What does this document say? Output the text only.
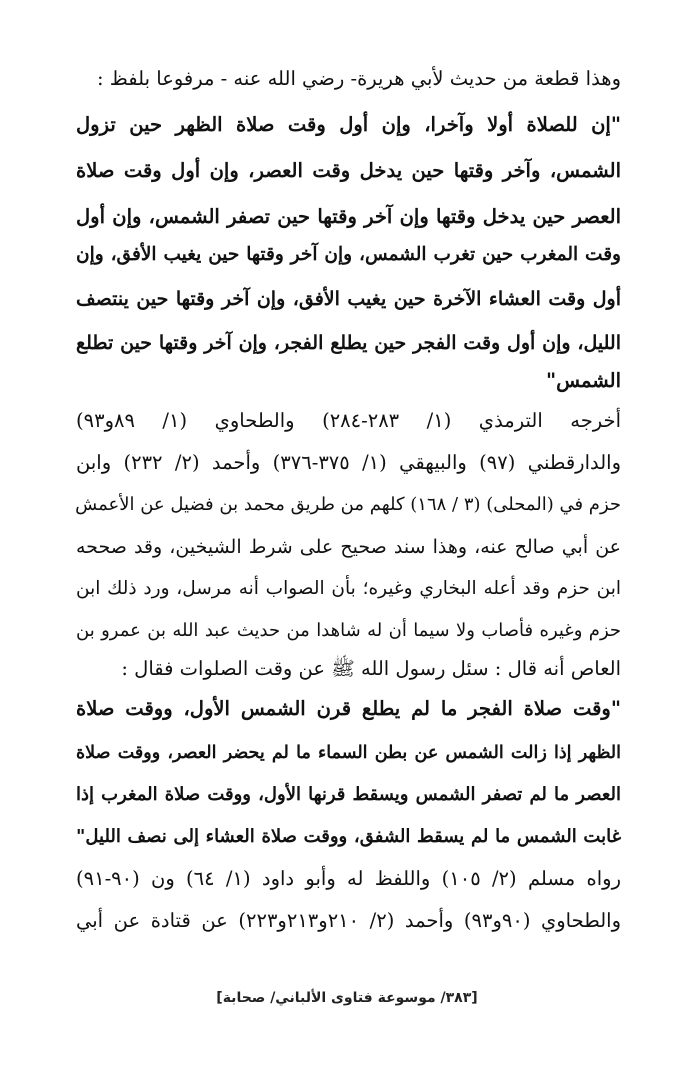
وهذا قطعة من حديث لأبي هريرة- رضي الله عنه - مرفوعا بلفظ :
"إن للصلاة أولا وآخرا، وإن أول وقت صلاة الظهر حين تزول
الشمس، وآخر وقتها حين يدخل وقت العصر، وإن أول وقت صلاة
العصر حين يدخل وقتها وإن آخر وقتها حين تصفر الشمس، وإن أول
وقت المغرب حين تغرب الشمس، وإن آخر وقتها حين يغيب الأفق، وإن
أول وقت العشاء الآخرة حين يغيب الأفق، وإن آخر وقتها حين ينتصف
الليل، وإن أول وقت الفجر حين يطلع الفجر، وإن آخر وقتها حين تطلع
الشمس"
أخرجه الترمذي (١/ ٢٨٣-٢٨٤) والطحاوي (١/ ٨٩و٩٣)
والدارقطني (٩٧) والبيهقي (١/ ٣٧٥-٣٧٦) وأحمد (٢/ ٢٣٢) وابن
حزم في (المحلى) (٣ / ١٦٨) كلهم من طريق محمد بن فضيل عن الأعمش
عن أبي صالح عنه، وهذا سند صحيح على شرط الشيخين، وقد صححه
ابن حزم وقد أعله البخاري وغيره؛ بأن الصواب أنه مرسل، ورد ذلك ابن
حزم وغيره فأصاب ولا سيما أن له شاهدا من حديث عبد الله بن عمرو بن
العاص أنه قال : سئل رسول الله ﷺ عن وقت الصلوات فقال :
"وقت صلاة الفجر ما لم يطلع قرن الشمس الأول، ووقت صلاة
الظهر إذا زالت الشمس عن بطن السماء ما لم يحضر العصر، ووقت صلاة
العصر ما لم تصفر الشمس ويسقط قرنها الأول، ووقت صلاة المغرب إذا
غابت الشمس ما لم يسقط الشفق، ووقت صلاة العشاء إلى نصف الليل"
رواه مسلم (٢/ ١٠٥) واللفظ له وأبو داود (١/ ٦٤) ون (٩٠-٩١)
والطحاوي (٩٠و٩٣) وأحمد (٢/ ٢١٠و٢١٣و٢٢٣) عن قتادة عن أبي
[٣٨٣/ موسوعة فتاوى الألباني/ صحابة]
